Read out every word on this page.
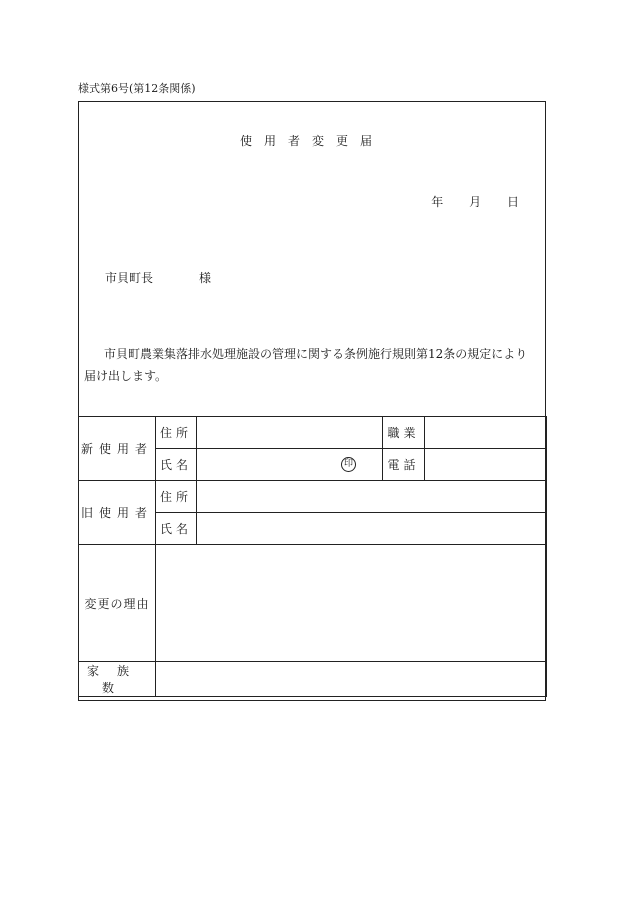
様式第6号(第12条関係)
使用者変更届
年 月 日
市貝町長	様
市貝町農業集落排水処理施設の管理に関する条例施行規則第12条の規定により届け出します。
新使用者	住所		職業	
	氏名	印	電話	
旧使用者	住所			
	氏名			
変更の理由				
家族数				
